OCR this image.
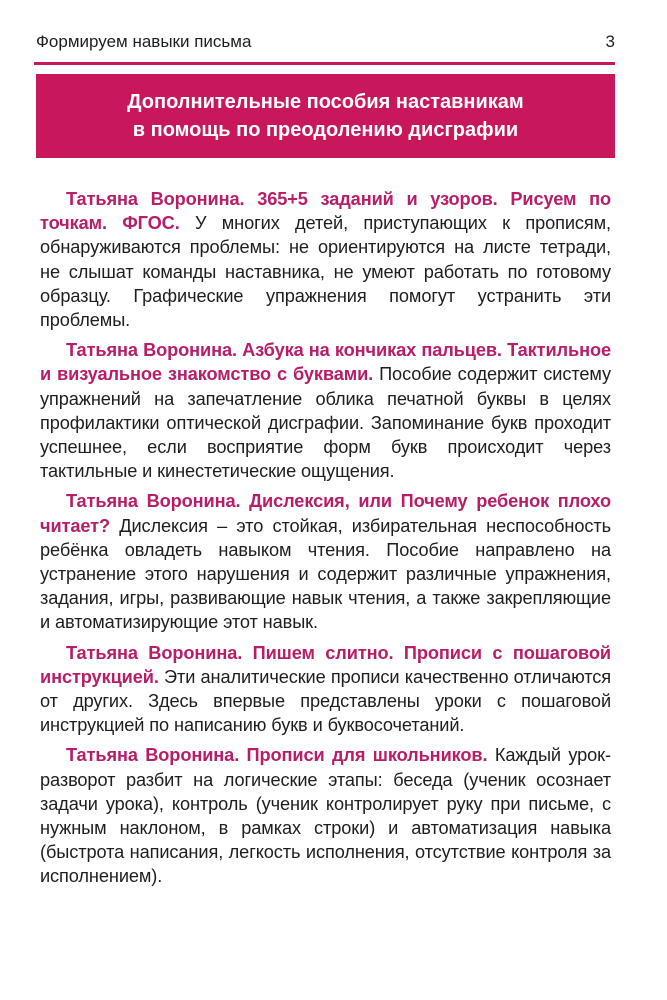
Формируем навыки письма	3
Дополнительные пособия наставникам
в помощь по преодолению дисграфии

Татьяна Воронина. 365+5 заданий и узоров. Рисуем по точкам. ФГОС. У многих детей, приступающих к прописям, обнаруживаются проблемы: не ориентируются на листе тетради, не слышат команды наставника, не умеют работать по готовому образцу. Графические упражнения помогут устранить эти проблемы.

Татьяна Воронина. Азбука на кончиках пальцев. Тактильное и визуальное знакомство с буквами. Пособие содержит систему упражнений на запечатление облика печатной буквы в целях профилактики оптической дисграфии. Запоминание букв проходит успешнее, если восприятие форм букв происходит через тактильные и кинестетические ощущения.

Татьяна Воронина. Дислексия, или Почему ребенок плохо читает? Дислексия – это стойкая, избирательная неспособность ребёнка овладеть навыком чтения. Пособие направлено на устранение этого нарушения и содержит различные упражнения, задания, игры, развивающие навык чтения, а также закрепляющие и автоматизирующие этот навык.

Татьяна Воронина. Пишем слитно. Прописи с пошаговой инструкцией. Эти аналитические прописи качественно отличаются от других. Здесь впервые представлены уроки с пошаговой инструкцией по написанию букв и буквосочетаний.

Татьяна Воронина. Прописи для школьников. Каждый урок-разворот разбит на логические этапы: беседа (ученик осознает задачи урока), контроль (ученик контролирует руку при письме, с нужным наклоном, в рамках строки) и автоматизация навыка (быстрота написания, легкость исполнения, отсутствие контроля за исполнением).
